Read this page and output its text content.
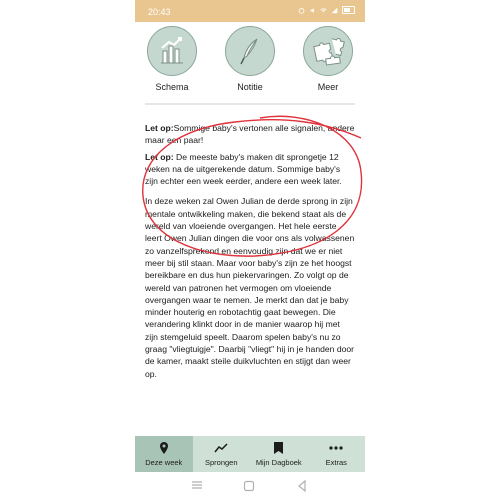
20:43
Schema	Notitie	Meer

Let op:Sommige baby's vertonen alle signalen, andere maar een paar!

Let op: De meeste baby's maken dit sprongetje 12 weken na de uitgerekende datum. Sommige baby's zijn echter een week eerder, andere een week later.

In deze weken zal Owen Julian de derde sprong in zijn mentale ontwikkeling maken, die bekend staat als de wereld van vloeiende overgangen. Het hele eerste leert Owen Julian dingen die voor ons als volwassenen zo vanzelfsprekend en eenvoudig zijn dat we er niet meer bij stil staan. Maar voor baby's zijn ze het hoogst bereikbare en dus hun piekervaringen. Zo volgt op de wereld van patronen het vermogen om vloeiende overgangen waar te nemen. Je merkt dan dat je baby minder houterig en robotachtig gaat bewegen. Die verandering klinkt door in de manier waarop hij met zijn stemgeluid speelt. Daarom spelen baby's nu zo graag "vliegtuigje". Daarbij "vliegt" hij in je handen door de kamer, maakt steile duikvluchten en stijgt dan weer op.

Deze week	Sprongen	Mijn Dagboek	Extras
